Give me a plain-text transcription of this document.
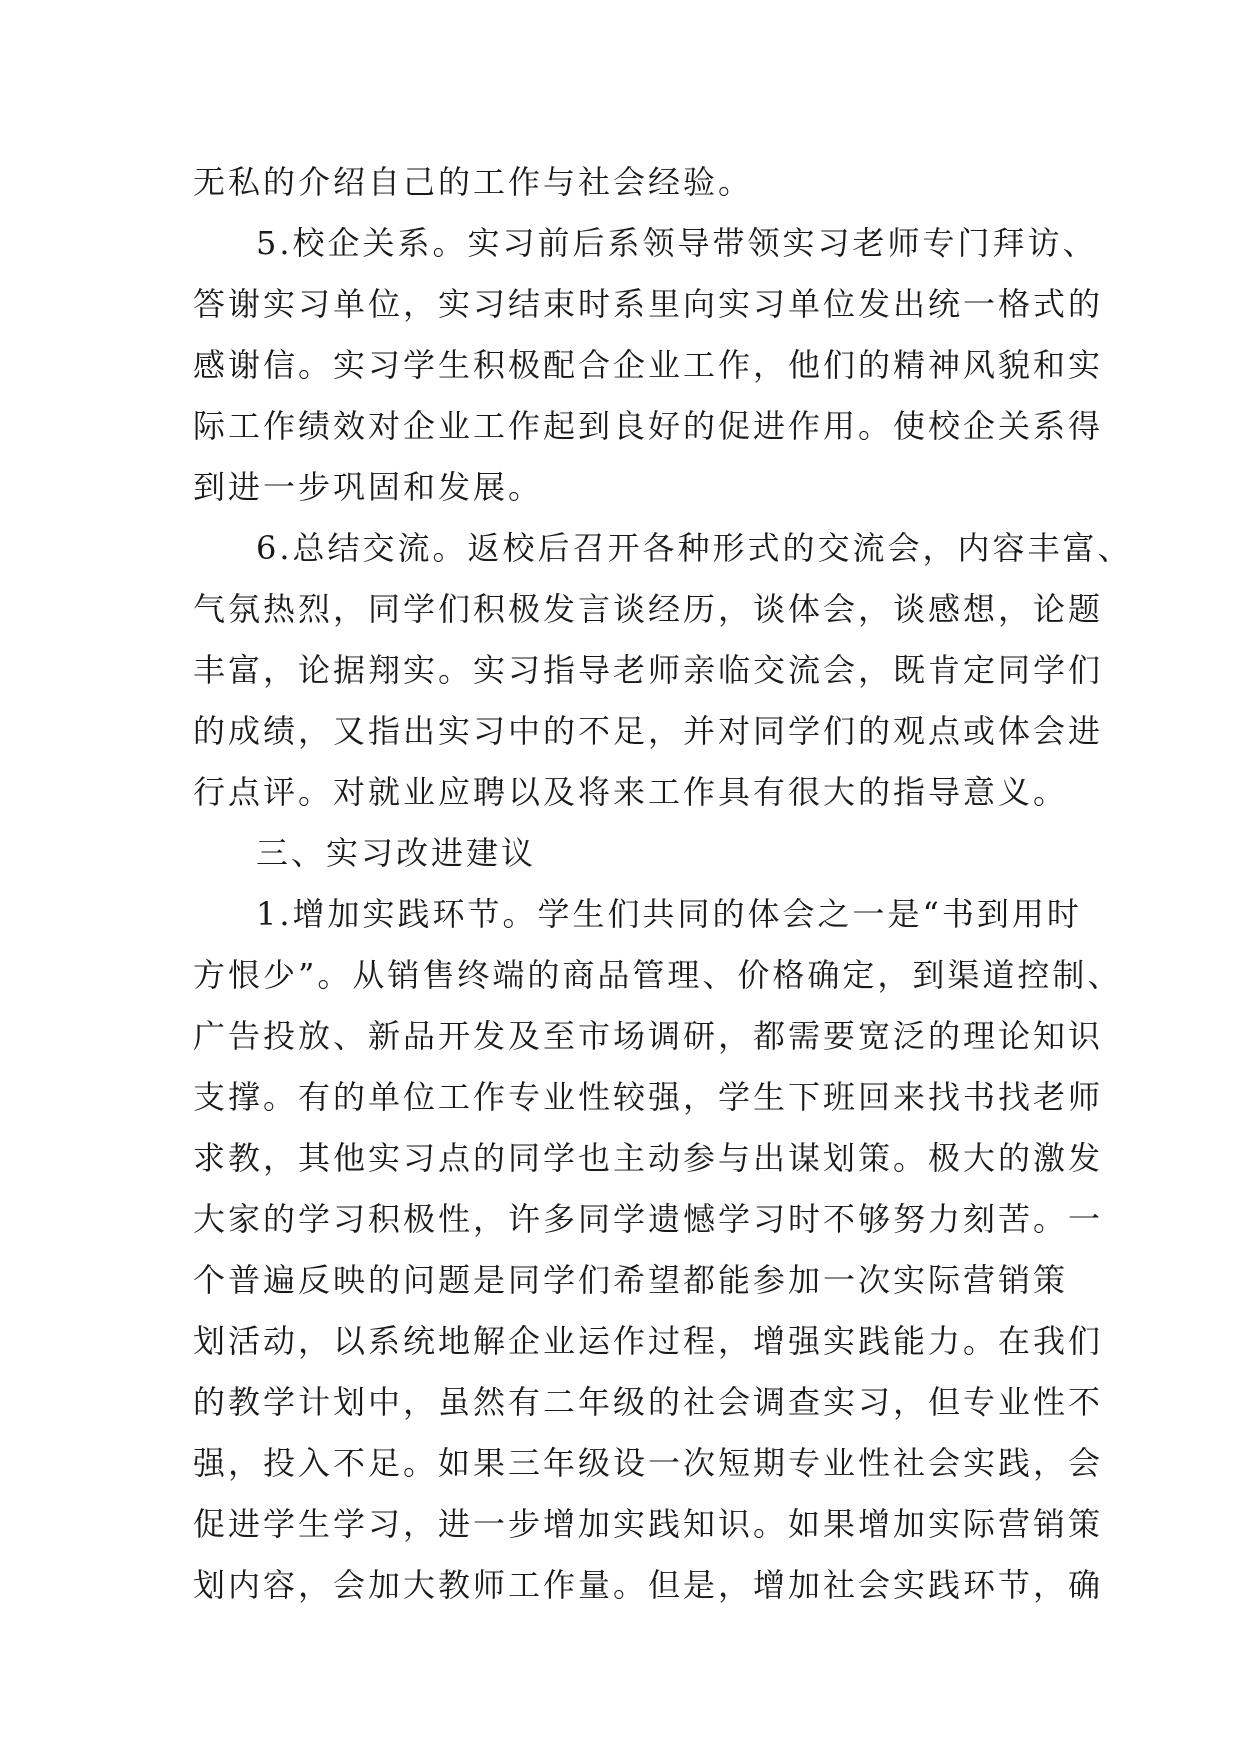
无私的介绍自己的工作与社会经验。

5.校企关系。实习前后系领导带领实习老师专门拜访、

答谢实习单位，实习结束时系里向实习单位发出统一格式的

感谢信。实习学生积极配合企业工作，他们的精神风貌和实

际工作绩效对企业工作起到良好的促进作用。使校企关系得

到进一步巩固和发展。

6.总结交流。返校后召开各种形式的交流会，内容丰富、

气氛热烈，同学们积极发言谈经历，谈体会，谈感想，论题

丰富，论据翔实。实习指导老师亲临交流会，既肯定同学们

的成绩，又指出实习中的不足，并对同学们的观点或体会进

行点评。对就业应聘以及将来工作具有很大的指导意义。

三、实习改进建议

1.增加实践环节。学生们共同的体会之一是“书到用时

方恨少”。从销售终端的商品管理、价格确定，到渠道控制、

广告投放、新品开发及至市场调研，都需要宽泛的理论知识

支撑。有的单位工作专业性较强，学生下班回来找书找老师

求教，其他实习点的同学也主动参与出谋划策。极大的激发

大家的学习积极性，许多同学遗憾学习时不够努力刻苦。一

个普遍反映的问题是同学们希望都能参加一次实际营销策

划活动，以系统地解企业运作过程，增强实践能力。在我们

的教学计划中，虽然有二年级的社会调查实习，但专业性不

强，投入不足。如果三年级设一次短期专业性社会实践，会

促进学生学习，进一步增加实践知识。如果增加实际营销策

划内容，会加大教师工作量。但是，增加社会实践环节，确
